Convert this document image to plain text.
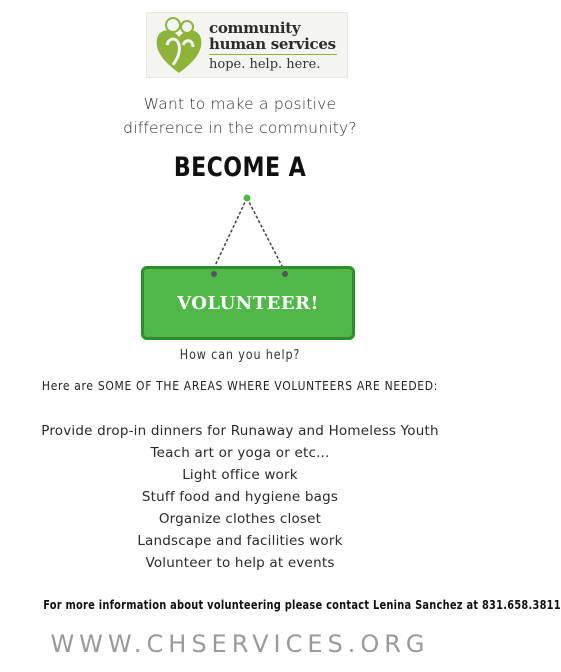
community
human services
hope. help. here.
Want to make a positive
difference in the community?
BECOME A
VOLUNTEER!
How can you help?
Here are SOME OF THE AREAS WHERE VOLUNTEERS ARE NEEDED:
Provide drop-in dinners for Runaway and Homeless Youth
Teach art or yoga or etc...
Light office work
Stuff food and hygiene bags
Organize clothes closet
Landscape and facilities work
Volunteer to help at events
For more information about volunteering please contact Lenina Sanchez at 831.658.3811
WWW.CHSERVICES.ORG
